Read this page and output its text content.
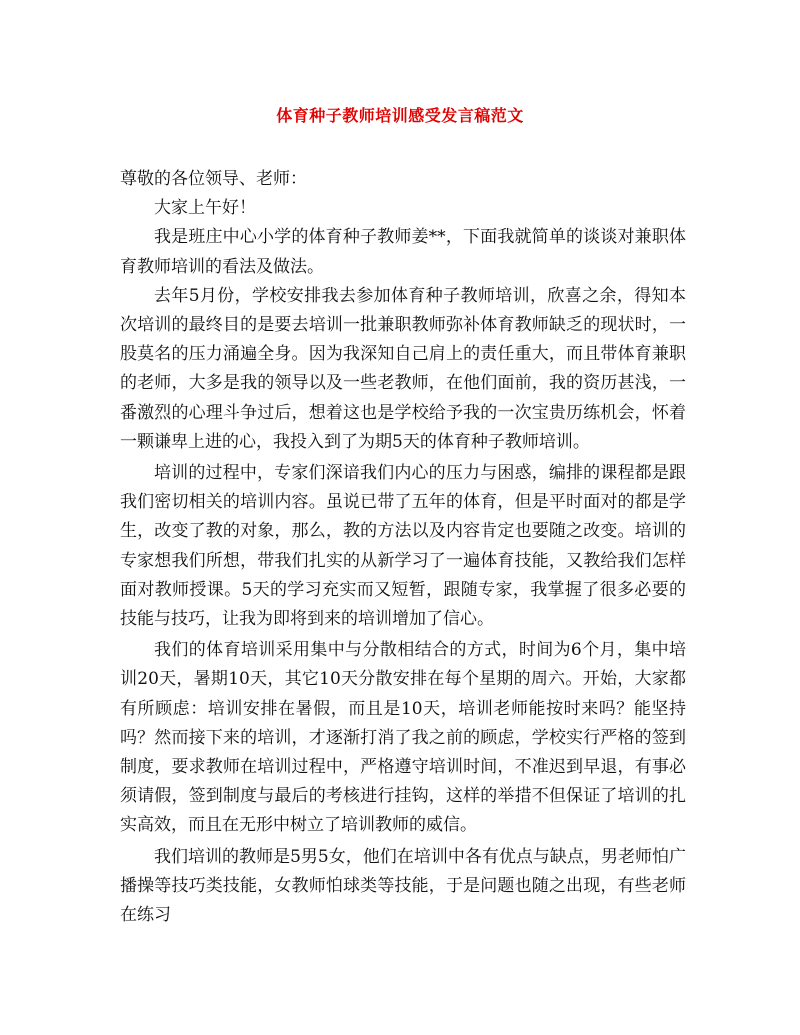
体育种子教师培训感受发言稿范文

尊敬的各位领导、老师：

大家上午好！

我是班庄中心小学的体育种子教师姜**，下面我就简单的谈谈对兼职体育教师培训的看法及做法。

去年5月份，学校安排我去参加体育种子教师培训，欣喜之余，得知本次培训的最终目的是要去培训一批兼职教师弥补体育教师缺乏的现状时，一股莫名的压力涌遍全身。因为我深知自己肩上的责任重大，而且带体育兼职的老师，大多是我的领导以及一些老教师，在他们面前，我的资历甚浅，一番激烈的心理斗争过后，想着这也是学校给予我的一次宝贵历练机会，怀着一颗谦卑上进的心，我投入到了为期5天的体育种子教师培训。

培训的过程中，专家们深谙我们内心的压力与困惑，编排的课程都是跟我们密切相关的培训内容。虽说已带了五年的体育，但是平时面对的都是学生，改变了教的对象，那么，教的方法以及内容肯定也要随之改变。培训的专家想我们所想，带我们扎实的从新学习了一遍体育技能，又教给我们怎样面对教师授课。5天的学习充实而又短暂，跟随专家，我掌握了很多必要的技能与技巧，让我为即将到来的培训增加了信心。

我们的体育培训采用集中与分散相结合的方式，时间为6个月，集中培训20天，暑期10天，其它10天分散安排在每个星期的周六。开始，大家都有所顾虑：培训安排在暑假，而且是10天，培训老师能按时来吗？能坚持吗？然而接下来的培训，才逐渐打消了我之前的顾虑，学校实行严格的签到制度，要求教师在培训过程中，严格遵守培训时间，不准迟到早退，有事必须请假，签到制度与最后的考核进行挂钩，这样的举措不但保证了培训的扎实高效，而且在无形中树立了培训教师的威信。

我们培训的教师是5男5女，他们在培训中各有优点与缺点，男老师怕广播操等技巧类技能，女教师怕球类等技能，于是问题也随之出现，有些老师在练习
